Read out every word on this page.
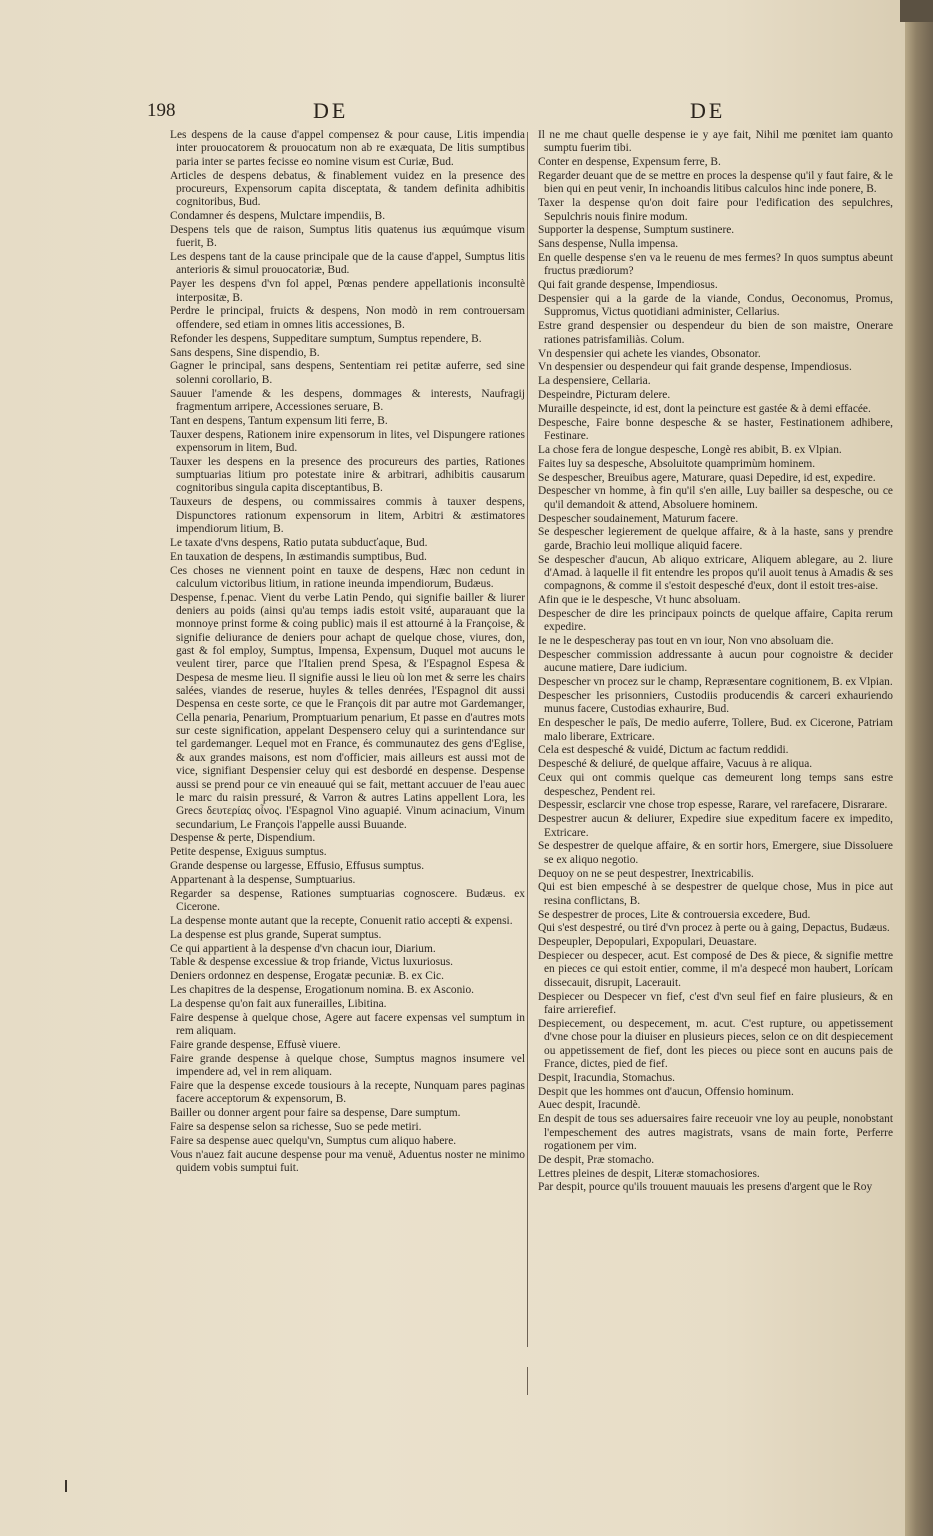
198	DE	DE

Les despens de la cause d'appel compensez & pour cause, Litis impendia inter prouocatorem & prouocatum non ab re exæquata, De litis sumptibus paria inter se partes fecisse eo nomine visum est Curiæ, Bud.

Articles de despens debatus, & finablement vuidez en la presence des procureurs, Expensorum capita disceptata, & tandem definita adhibitis cognitoribus, Bud.

Condamner és despens, Mulctare impendiis, B.

Despens tels que de raison, Sumptus litis quatenus ius æquúmque visum fuerit, B.

Les despens tant de la cause principale que de la cause d'appel, Sumptus litis anterioris & simul prouocatoriæ, Bud.

Payer les despens d'vn fol appel, Pœnas pendere appellationis inconsultè interpositæ, B.

Perdre le principal, fruicts & despens, Non modò in rem controuersam offendere, sed etiam in omnes litis accessiones, B.

Refonder les despens, Suppeditare sumptum, Sumptus rependere, B.

Sans despens, Sine dispendio, B.

Gagner le principal, sans despens, Sententiam rei petitæ auferre, sed sine solenni corollario, B.

Sauuer l'amende & les despens, dommages & interests, Naufragij fragmentum arripere, Accessiones seruare, B.

Tant en despens, Tantum expensum liti ferre, B.

Tauxer despens, Rationem inire expensorum in lites, vel Dispungere rationes expensorum in litem, Bud.

Tauxer les despens en la presence des procureurs des parties, Rationes sumptuarias litium pro potestate inire & arbitrari, adhibitis causarum cognitoribus singula capita disceptantibus, B.

Tauxeurs de despens, ou commissaires commis à tauxer despens, Dispunctores rationum expensorum in litem, Arbitri & æstimatores impendiorum litium, B.

Le taxate d'vns despens, Ratio putata subducťaque, Bud.

En tauxation de despens, In æstimandis sumptibus, Bud.

Ces choses ne viennent point en tauxe de despens, Hæc non cedunt in calculum victoribus litium, in ratione ineunda impendiorum, Budæus.

Despense, f.penac. Vient du verbe Latin Pendo, qui signifie bailler & liurer deniers au poids (ainsi qu'au temps iadis estoit vsité, auparauant que la monnoye prinst forme & coing public) mais il est attourné à la Françoise, & signifie deliurance de deniers pour achapt de quelque chose, viures, don, gast & fol employ, Sumptus, Impensa, Expensum, Duquel mot aucuns le veulent tirer, parce que l'Italien prend Spesa, & l'Espagnol Espesa & Despesa de mesme lieu. Il signifie aussi le lieu où lon met & serre les chairs salées, viandes de reserue, huyles & telles denrées, l'Espagnol dit aussi Despensa en ceste sorte, ce que le François dit par autre mot Gardemanger, Cella penaria, Penarium, Promptuarium penarium, Et passe en d'autres mots sur ceste signification, appelant Despensero celuy qui a surintendance sur tel gardemanger. Lequel mot en France, és communautez des gens d'Eglise, & aux grandes maisons, est nom d'officier, mais ailleurs est aussi mot de vice, signifiant Despensier celuy qui est desbordé en despense. Despense aussi se prend pour ce vin eneauué qui se fait, mettant accuuer de l'eau auec le marc du raisin pressuré, & Varron & autres Latins appellent Lora, les Grecs δευτερίας οἶνος. l'Espagnol Vino aguapié. Vinum acinacium, Vinum secundarium, Le François l'appelle aussi Buuande.

Despense & perte, Dispendium.

Petite despense, Exiguus sumptus.

Grande despense ou largesse, Effusio, Effusus sumptus.

Appartenant à la despense, Sumptuarius.

Regarder sa despense, Rationes sumptuarias cognoscere. Budæus. ex Cicerone.

La despense monte autant que la recepte, Conuenit ratio accepti & expensi.

La despense est plus grande, Superat sumptus.

Ce qui appartient à la despense d'vn chacun iour, Diarium.

Table & despense excessiue & trop friande, Victus luxuriosus.

Deniers ordonnez en despense, Erogatæ pecuniæ. B. ex Cic.

Les chapitres de la despense, Erogationum nomina. B. ex Asconio.

La despense qu'on fait aux funerailles, Libitina.

Faire despense à quelque chose, Agere aut facere expensas vel sumptum in rem aliquam.

Faire grande despense, Effusè viuere.

Faire grande despense à quelque chose, Sumptus magnos insumere vel impendere ad, vel in rem aliquam.

Faire que la despense excede tousiours à la recepte, Nunquam pares paginas facere acceptorum & expensorum, B.

Bailler ou donner argent pour faire sa despense, Dare sumptum.

Faire sa despense selon sa richesse, Suo se pede metiri.

Faire sa despense auec quelqu'vn, Sumptus cum aliquo habere.

Vous n'auez fait aucune despense pour ma venuë, Aduentus noster ne minimo quidem vobis sumptui fuit.

Il ne me chaut quelle despense ie y aye fait, Nihil me pœnitet iam quanto sumptu fuerim tibi.

Conter en despense, Expensum ferre, B.

Regarder deuant que de se mettre en proces la despense qu'il y faut faire, & le bien qui en peut venir, In inchoandis litibus calculos hinc inde ponere, B.

Taxer la despense qu'on doit faire pour l'edification des sepulchres, Sepulchris nouis finire modum.

Supporter la despense, Sumptum sustinere.

Sans despense, Nulla impensa.

En quelle despense s'en va le reuenu de mes fermes? In quos sumptus abeunt fructus prædiorum?

Qui fait grande despense, Impendiosus.

Despensier qui a la garde de la viande, Condus, Oeconomus, Promus, Suppromus, Victus quotidiani administer, Cellarius.

Estre grand despensier ou despendeur du bien de son maistre, Onerare rationes patrisfamiliàs. Colum.

Vn despensier qui achete les viandes, Obsonator.

Vn despensier ou despendeur qui fait grande despense, Impendiosus.

La despensiere, Cellaria.

Despeindre, Picturam delere.

Muraille despeincte, id est, dont la peincture est gastée & à demi effacée.

Despesche, Faire bonne despesche & se haster, Festinationem adhibere, Festinare.

La chose fera de longue despesche, Longè res abibit, B. ex Vlpian.

Faites luy sa despesche, Absoluitote quamprimùm hominem.

Se despescher, Breuibus agere, Maturare, quasi Depedire, id est, expedire.

Despescher vn homme, à fin qu'il s'en aille, Luy bailler sa despesche, ou ce qu'il demandoit & attend, Absoluere hominem.

Despescher soudainement, Maturum facere.

Se despescher legierement de quelque affaire, & à la haste, sans y prendre garde, Brachio leui mollique aliquid facere.

Se despescher d'aucun, Ab aliquo extricare, Aliquem ablegare, au 2. liure d'Amad. à laquelle il fit entendre les propos qu'il auoit tenus à Amadis & ses compagnons, & comme il s'estoit despesché d'eux, dont il estoit tres-aise.

Afin que ie le despesche, Vt hunc absoluam.

Despescher de dire les principaux poincts de quelque affaire, Capita rerum expedire.

Ie ne le despescheray pas tout en vn iour, Non vno absoluam die.

Despescher commission addressante à aucun pour cognoistre & decider aucune matiere, Dare iudicium.

Despescher vn procez sur le champ, Repræsentare cognitionem, B. ex Vlpian.

Despescher les prisonniers, Custodiis producendis & carceri exhauriendo munus facere, Custodias exhaurire, Bud.

En despescher le païs, De medio auferre, Tollere, Bud. ex Cicerone, Patriam malo liberare, Extricare.

Cela est despesché & vuidé, Dictum ac factum reddidi.

Despesché & deliuré, de quelque affaire, Vacuus à re aliqua.

Ceux qui ont commis quelque cas demeurent long temps sans estre despeschez, Pendent rei.

Despessir, esclarcir vne chose trop espesse, Rarare, vel rarefacere, Disrarare.

Despestrer aucun & deliurer, Expedire siue expeditum facere ex impedito, Extricare.

Se despestrer de quelque affaire, & en sortir hors, Emergere, siue Dissoluere se ex aliquo negotio.

Dequoy on ne se peut despestrer, Inextricabilis.

Qui est bien empesché à se despestrer de quelque chose, Mus in pice aut resina conflictans, B.

Se despestrer de proces, Lite & controuersia excedere, Bud.

Qui s'est despestré, ou tiré d'vn procez à perte ou à gaing, Depactus, Budæus.

Despeupler, Depopulari, Expopulari, Deuastare.

Despiecer ou despecer, acut. Est composé de Des & piece, & signifie mettre en pieces ce qui estoit entier, comme, il m'a despecé mon haubert, Lorícam dissecauit, disrupit, Lacerauit.

Despiecer ou Despecer vn fief, c'est d'vn seul fief en faire plusieurs, & en faire arrierefief.

Despiecement, ou despecement, m. acut. C'est rupture, ou appetissement d'vne chose pour la diuiser en plusieurs pieces, selon ce on dit despiecement ou appetissement de fief, dont les pieces ou piece sont en aucuns pais de France, dictes, pied de fief.

Despit, Iracundia, Stomachus.

Despit que les hommes ont d'aucun, Offensio hominum.

Auec despit, Iracundè.

En despit de tous ses aduersaires faire receuoir vne loy au peuple, nonobstant l'empeschement des autres magistrats, vsans de main forte, Perferre rogationem per vim.

De despit, Præ stomacho.

Lettres pleines de despit, Literæ stomachosiores.

Par despit, pource qu'ils trouuent mauuais les presens d'argent que le Roy
